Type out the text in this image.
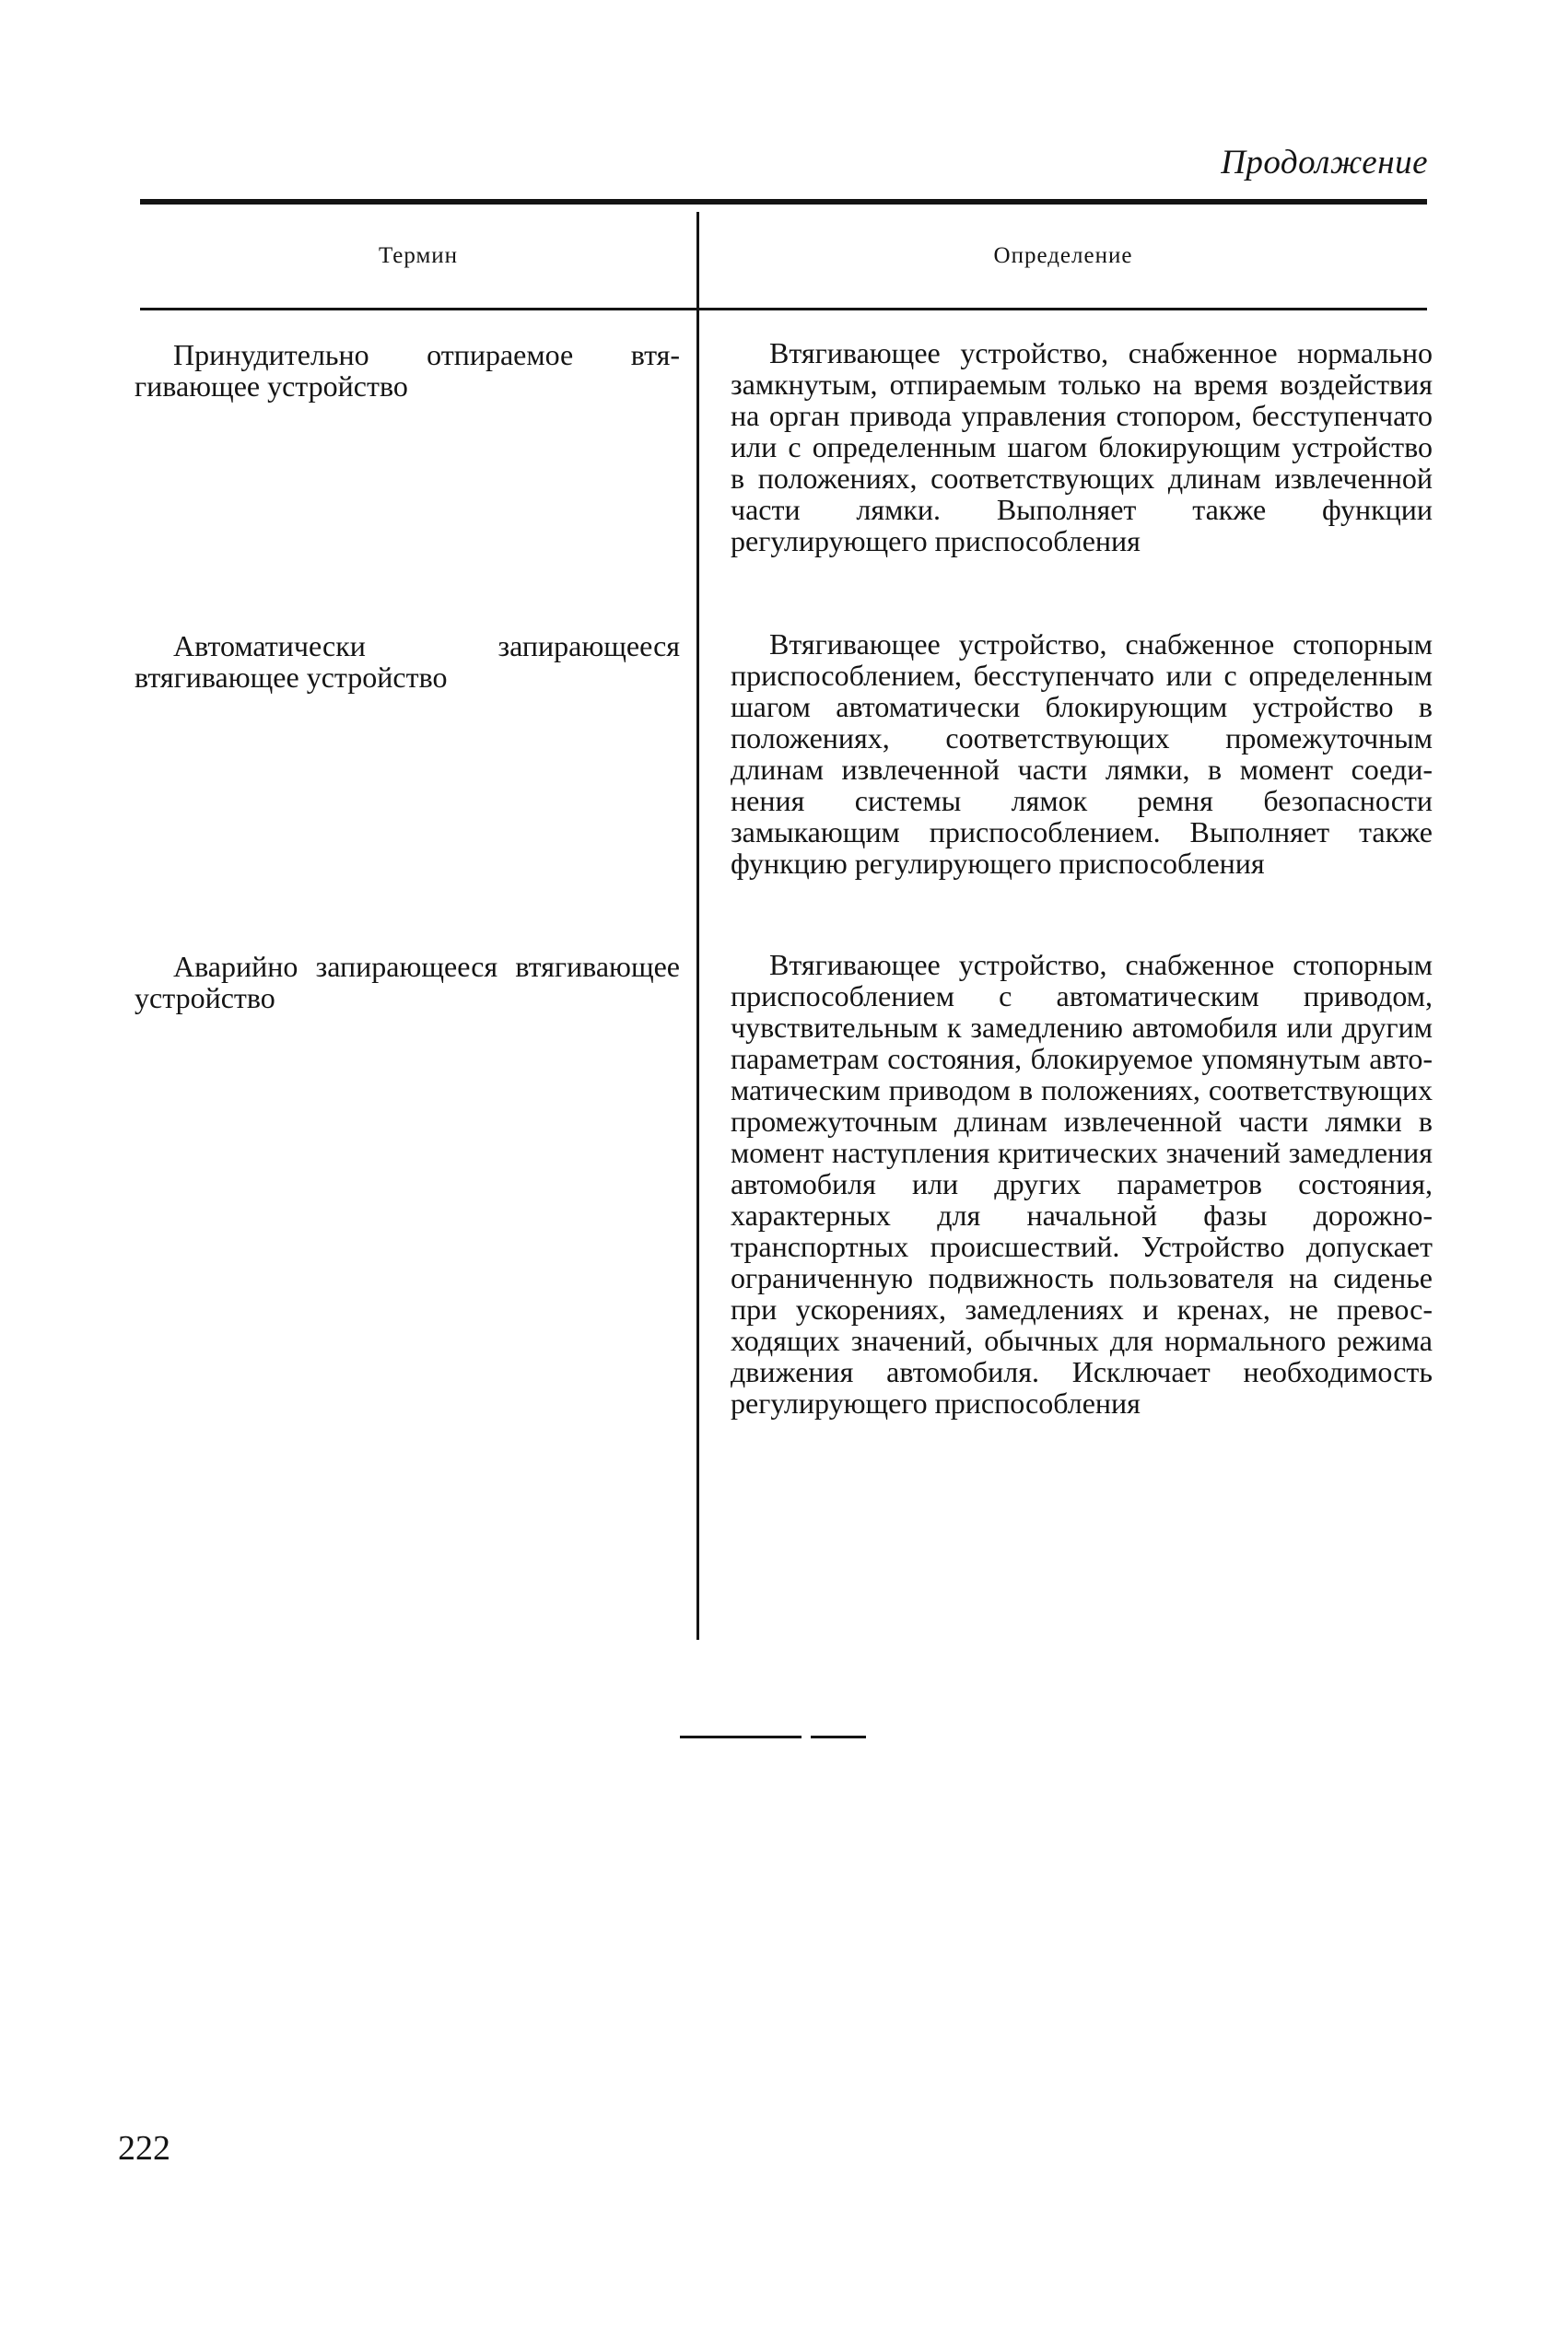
Продолжение
Термин	Определение
Принудительно отпираемое втягивающее устройство
Втягивающее устройство, снабженное нормально замкнутым, отпираемым только на время воздействия на орган привода управления стопором, бесступенчато или с определенным шагом блокирующим устройство в положениях, соответствующих длинам извлеченной части лямки. Выполняет также функции регулирующего приспособления
Автоматически запирающееся втягивающее устройство
Втягивающее устройство, снабженное стопорным приспособлением, бесступенчато или с определенным шагом автоматически блокирующим устройство в положениях, соответствующих промежуточным длинам извлеченной части лямки, в момент соединения системы лямок ремня безопасности замыкающим приспособлением. Выполняет также функцию регулирующего приспособления
Аварийно запирающееся втягивающее устройство
Втягивающее устройство, снабженное стопорным приспособлением с автоматическим приводом, чувствительным к замедлению автомобиля или другим параметрам состояния, блокируемое упомянутым автоматическим приводом в положениях, соответствующих промежуточным длинам извлеченной части лямки в момент наступления критических значений замедления автомобиля или других параметров состояния, характерных для начальной фазы дорожно-транспортных происшествий. Устройство допускает ограниченную подвижность пользователя на сиденье при ускорениях, замедлениях и кренах, не превосходящих значений, обычных для нормального режима движения автомобиля. Исключает необходимость регулирующего приспособления
222
